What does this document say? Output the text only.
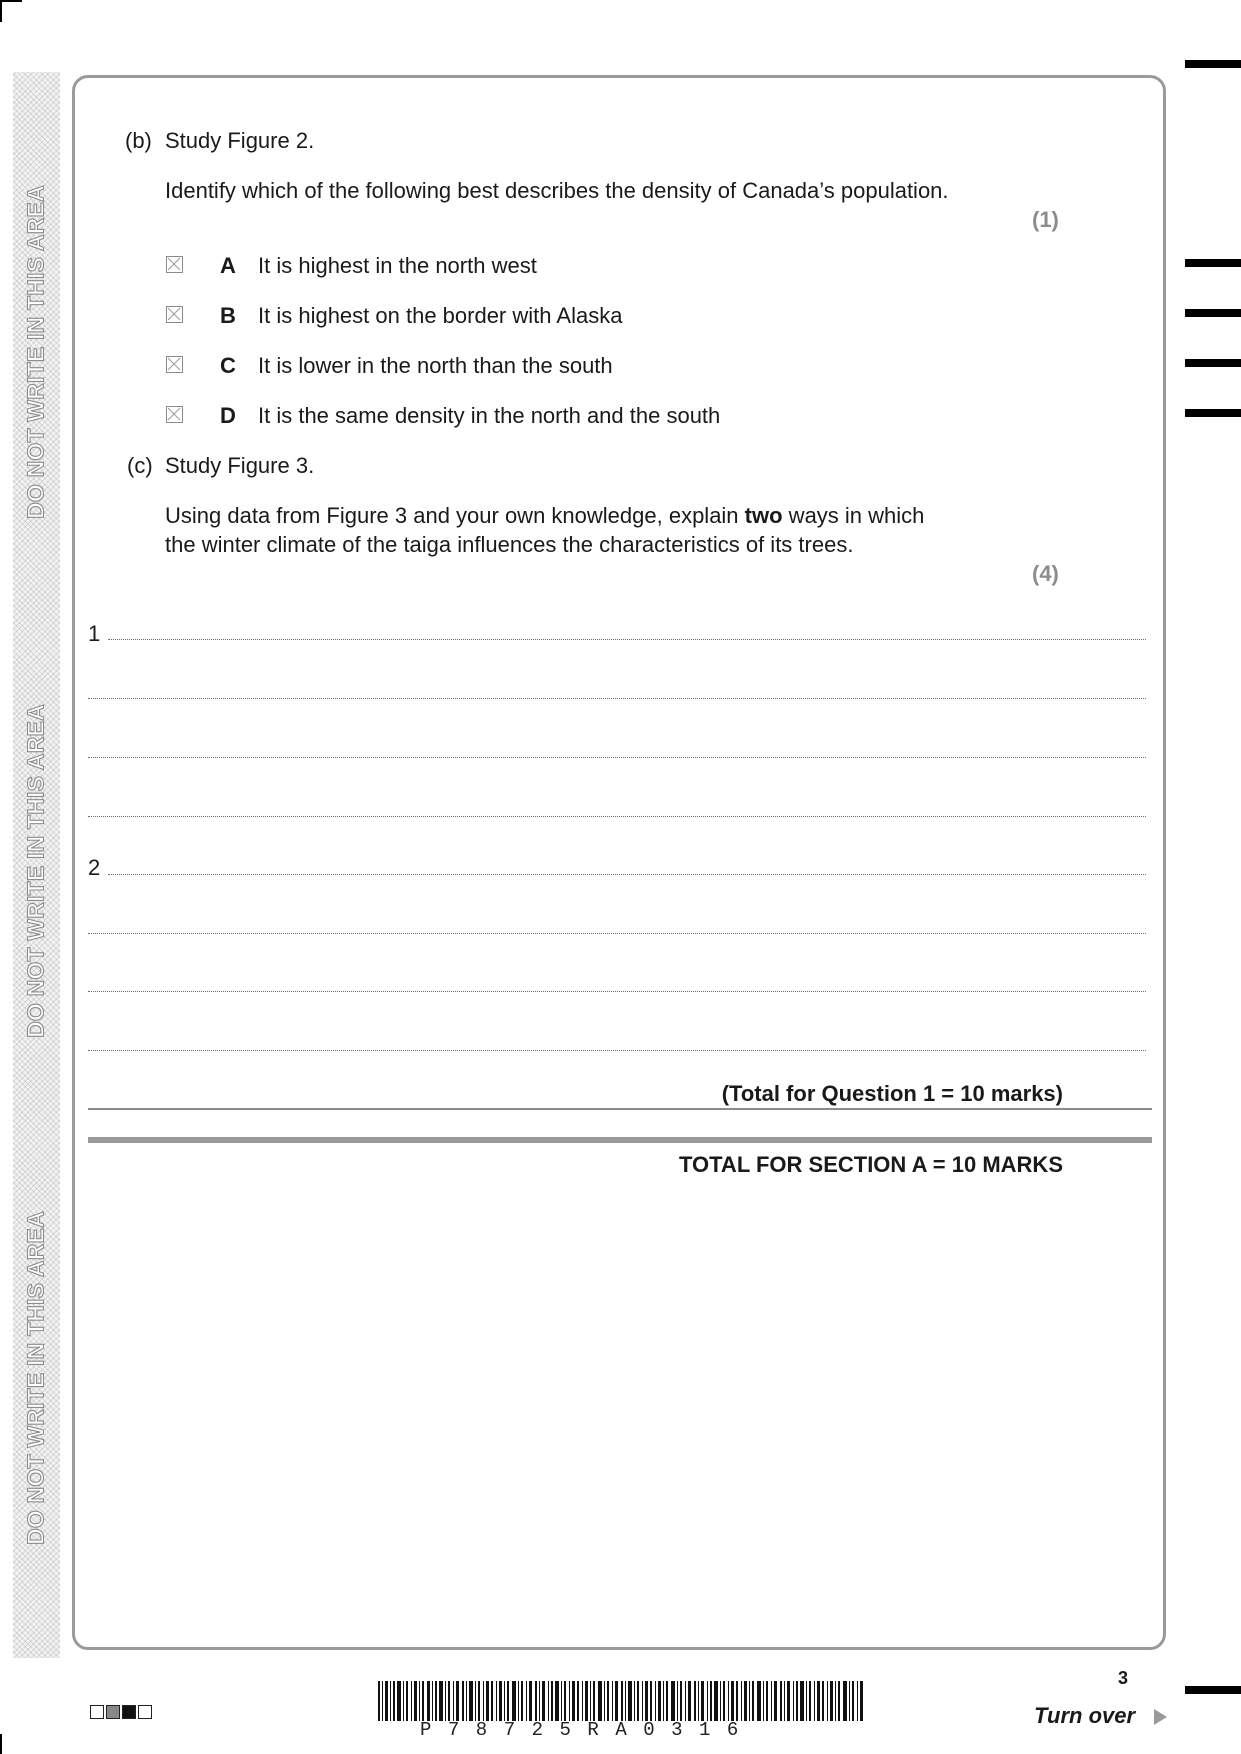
DO NOT WRITE IN THIS AREA
DO NOT WRITE IN THIS AREA
DO NOT WRITE IN THIS AREA
(b) Study Figure 2.
Identify which of the following best describes the density of Canada’s population.
(1)
A It is highest in the north west
B It is highest on the border with Alaska
C It is lower in the north than the south
D It is the same density in the north and the south
(c) Study Figure 3.
Using data from Figure 3 and your own knowledge, explain two ways in which
the winter climate of the taiga influences the characteristics of its trees.
(4)
1
2
(Total for Question 1 = 10 marks)
TOTAL FOR SECTION A = 10 MARKS
P78725RA0316
3
Turn over
